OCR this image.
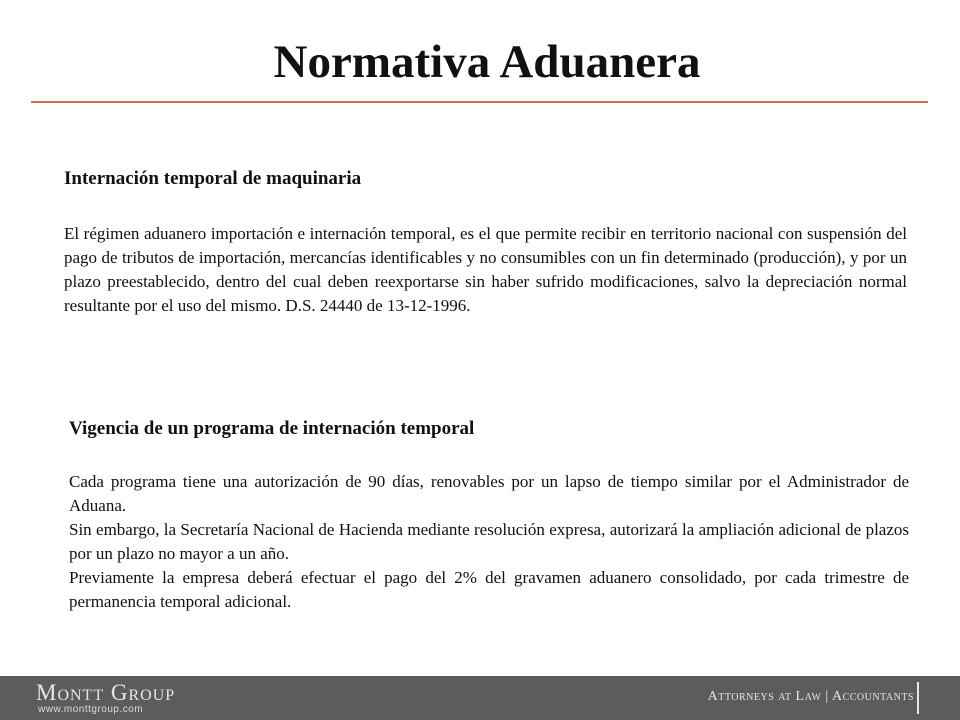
Normativa Aduanera
Internación temporal de maquinaria

El régimen aduanero importación e internación temporal, es el que permite recibir en territorio nacional con suspensión del pago de tributos de importación, mercancías identificables y no consumibles con un fin determinado (producción), y por un plazo preestablecido, dentro del cual deben reexportarse sin haber sufrido modificaciones, salvo la depreciación normal resultante por el uso del mismo. D.S. 24440 de 13-12-1996.

Vigencia de un programa de internación temporal

Cada programa tiene una autorización de 90 días, renovables por un lapso de tiempo similar por el Administrador de Aduana.

Sin embargo, la Secretaría Nacional de Hacienda mediante resolución expresa, autorizará la ampliación adicional de plazos por un plazo no mayor a un año.

Previamente la empresa deberá efectuar el pago del 2% del gravamen aduanero consolidado, por cada trimestre de permanencia temporal adicional.

Montt Group
www.monttgroup.com
Attorneys at Law | Accountants
